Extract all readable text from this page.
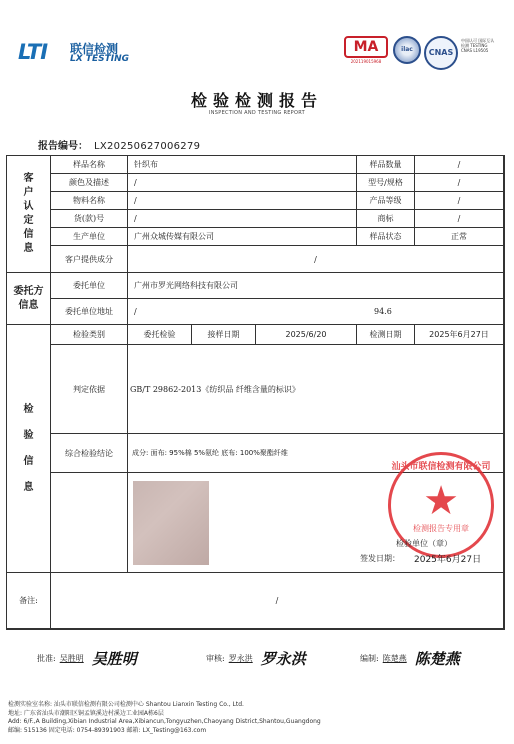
LTI 联信检测
LX TESTING
MA
202119015968
ilac	CNAS
中国认可 国际互认 检测 TESTING CNAS L19505
检验检测报告
INSPECTION AND TESTING REPORT
报告编号： LX20250627006279
客户认定信息
委托方信息
检验信息
备注:
样品名称	针织布	样品数量	/
颜色及描述	/	型号/规格	/
物料名称	/	产品等级	/
货(款)号	/	商标	/
生产单位	广州众城传媒有限公司	样品状态	正常
客户提供成分	/
委托单位	广州市罗光网络科技有限公司
委托单位地址	/	94.6
检验类别	委托检验	接样日期	2025/6/20	检测日期	2025年6月27日
判定依据	GB/T 29862-2013《纺织品 纤维含量的标识》
综合检验结论	成分: 面布: 95%棉 5%氨纶 底布: 100%聚酯纤维
汕头市联信检测有限公司
★
检测报告专用章
检验单位（章）
签发日期： 2025年6月27日
/
批准: 吴胜明 吴胜明	审核: 罗永洪 罗永洪	编制: 陈楚燕 陈楚燕
检测实验室名称: 汕头市联信检测有限公司检测中心 Shantou Lianxin Testing Co., Ltd.
地址: 广东省汕头市潮阳区铜孟镇溪边村溪边工业园A栋6层
Add: 6/F.,A Building,Xibian Industrial Area,Xibiancun,Tongyuzhen,Chaoyang District,Shantou,Guangdong
邮编: 515136 固定电话: 0754-89391903 邮箱: LX_Testing@163.com
